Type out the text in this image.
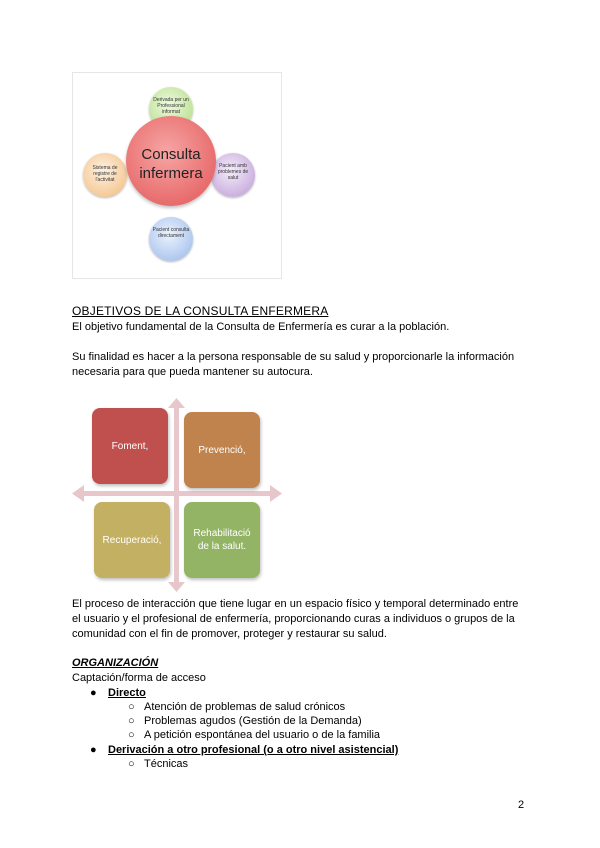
Derivada per un Professional informat
Pacient amb problemes de salut
Pacient consulta directament
Sistema de registre de l'activitat
Consulta infermera
OBJETIVOS DE LA CONSULTA ENFERMERA
El objetivo fundamental de la Consulta de Enfermería es curar a la población.
Su finalidad es hacer a la persona responsable de su salud y proporcionarle la información
necesaria para que pueda mantener su autocura.
Foment,	Prevenció,
Recuperació,
Rehabilitació de la salut.
El proceso de interacción que tiene lugar en un espacio físico y temporal determinado entre
el usuario y el profesional de enfermería, proporcionando curas a individuos o grupos de la
comunidad con el fin de promover, proteger y restaurar su salud.
ORGANIZACIÓN
Captación/forma de acceso
● Directo
○ Atención de problemas de salud crónicos
○ Problemas agudos (Gestión de la Demanda)
○ A petición espontánea del usuario o de la familia
● Derivación a otro profesional (o a otro nivel asistencial)
○ Técnicas
2
